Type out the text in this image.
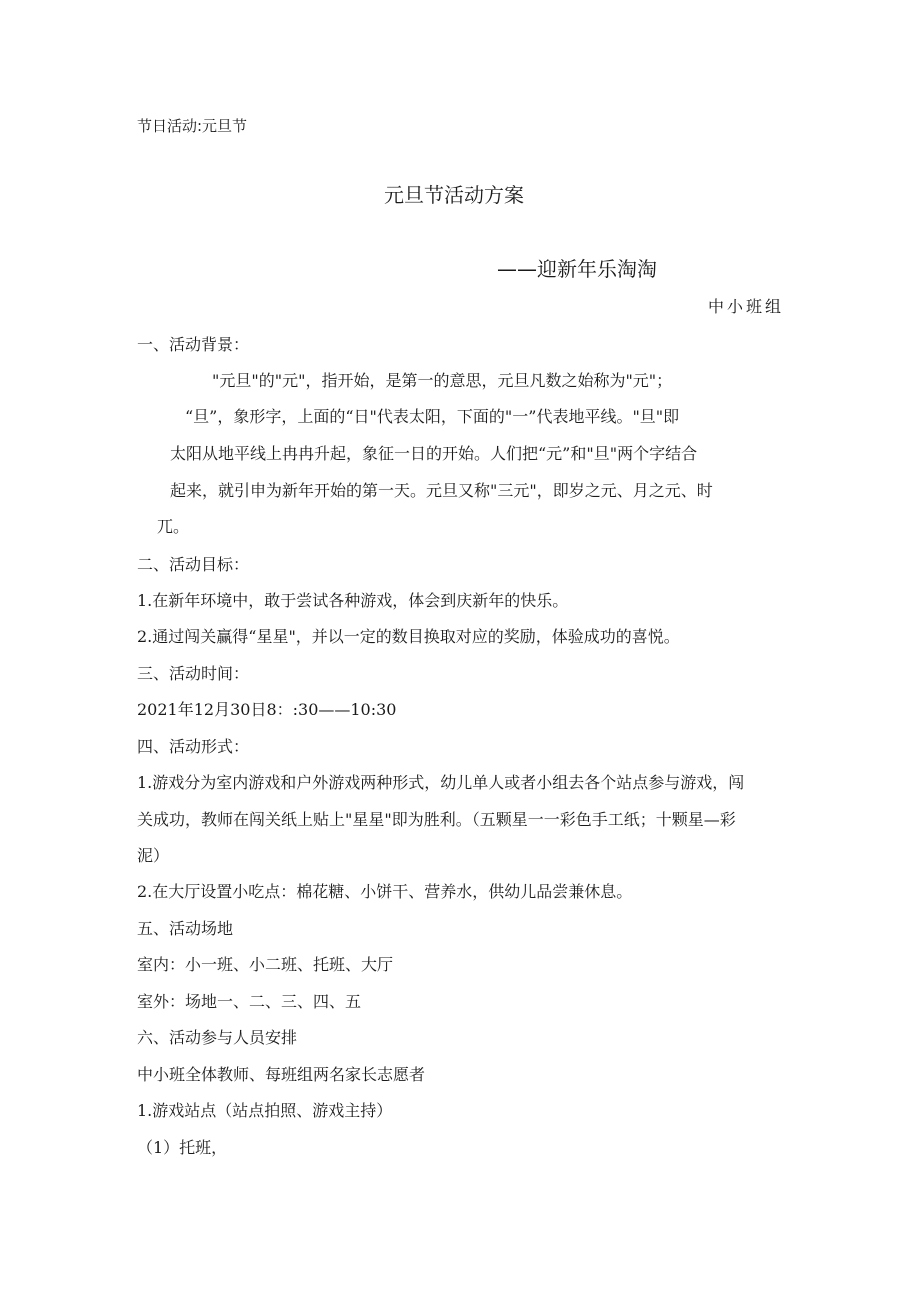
节日活动:元旦节

元旦节活动方案

——迎新年乐淘淘

中小班组

一、活动背景：

"元旦"的"元"，指开始，是第一的意思，元旦凡数之始称为"元"；

“旦”，象形字，上面的“日"代表太阳，下面的"一”代表地平线。"旦"即

太阳从地平线上冉冉升起，象征一日的开始。人们把“元”和"旦"两个字结合

起来，就引申为新年开始的第一天。元旦又称"三元"，即岁之元、月之元、时

兀。

二、活动目标：

1.在新年环境中，敢于尝试各种游戏，体会到庆新年的快乐。

2.通过闯关赢得“星星"，并以一定的数目换取对应的奖励，体验成功的喜悦。

三、活动时间：

2021年12月30日8：:30——10:30

四、活动形式：

1.游戏分为室内游戏和户外游戏两种形式，幼儿单人或者小组去各个站点参与游戏，闯

关成功，教师在闯关纸上贴上"星星"即为胜利。（五颗星一一彩色手工纸；十颗星—彩

泥）

2.在大厅设置小吃点：棉花糖、小饼干、营养水，供幼儿品尝兼休息。

五、活动场地

室内：小一班、小二班、托班、大厅

室外：场地一、二、三、四、五

六、活动参与人员安排

中小班全体教师、每班组两名家长志愿者

1.游戏站点（站点拍照、游戏主持）

（1）托班，
